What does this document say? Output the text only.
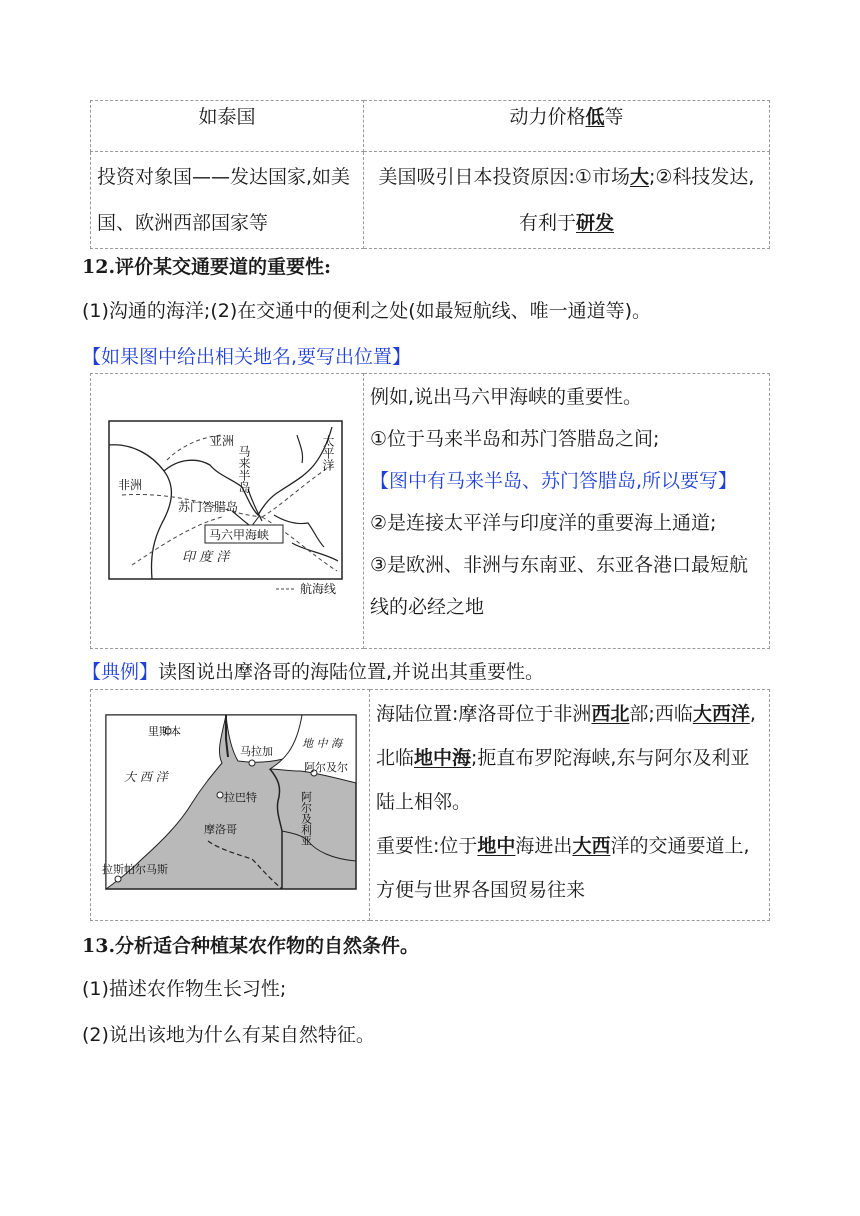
如泰国	动力价格低等
投资对象国——发达国家,如美国、欧洲西部国家等	美国吸引日本投资原因:①市场大;②科技发达,有利于研发
12.评价某交通要道的重要性:
(1)沟通的海洋;(2)在交通中的便利之处(如最短航线、唯一通道等)。
【如果图中给出相关地名,要写出位置】
亚洲
马来半岛	太平洋
非洲
苏门答腊岛
马六甲海峡
印 度 洋
航海线

例如,说出马六甲海峡的重要性。
①位于马来半岛和苏门答腊岛之间;
【图中有马来半岛、苏门答腊岛,所以要写】
②是连接太平洋与印度洋的重要海上通道;
③是欧洲、非洲与东南亚、东亚各港口最短航线的必经之地
【典例】读图说出摩洛哥的海陆位置,并说出其重要性。
里斯本
马拉加
地 中 海
阿尔及尔
大 西 洋
拉巴特
摩洛哥	阿尔及利亚
拉斯帕尔马斯

海陆位置:摩洛哥位于非洲西北部;西临大西洋,北临地中海;扼直布罗陀海峡,东与阿尔及利亚陆上相邻。
重要性:位于地中海进出大西洋的交通要道上,方便与世界各国贸易往来
13.分析适合种植某农作物的自然条件。
(1)描述农作物生长习性;
(2)说出该地为什么有某自然特征。
